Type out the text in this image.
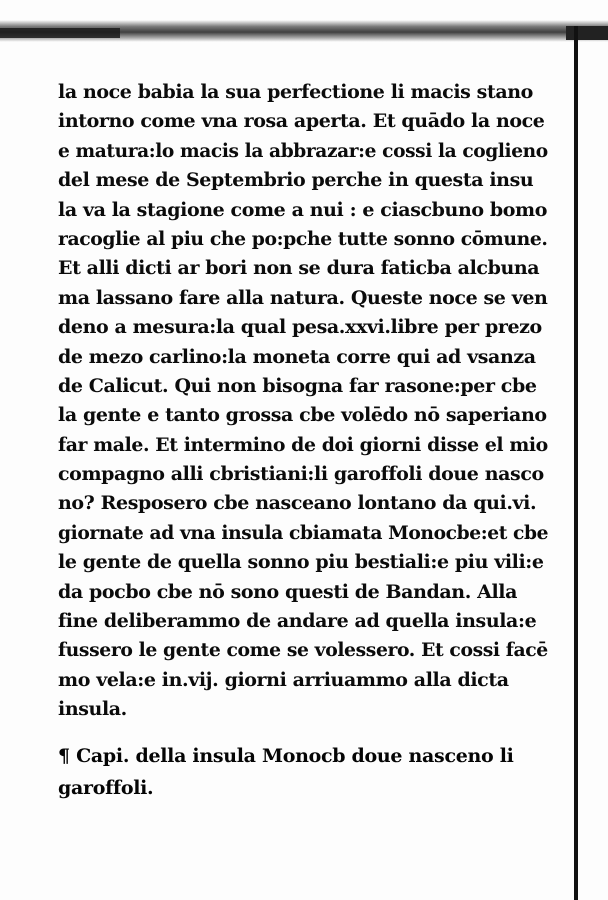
la noce babia la sua perfectione li macis stano
intorno come vna rosa aperta. Et quādo la noce
e matura:lo macis la abbrazar:e cossi la coglieno
del mese de Septembrio perche in questa insu
la va la stagione come a nui : e ciascbuno bomo
racoglie al piu che po:pche tutte sonno cōmune.
Et alli dicti ar bori non se dura faticba alcbuna
ma lassano fare alla natura. Queste noce se ven
deno a mesura:la qual pesa.xxvi.libre per prezo
de mezo carlino:la moneta corre qui ad vsanza
de Calicut. Qui non bisogna far rasone:per cbe
la gente e tanto grossa cbe volēdo nō saperiano
far male. Et intermino de doi giorni disse el mio
compagno alli cbristiani:li garoffoli doue nasco
no? Resposero cbe nasceano lontano da qui.vi.
giornate ad vna insula cbiamata Monocbe:et cbe
le gente de quella sonno piu bestiali:e piu vili:e
da pocbo cbe nō sono questi de Bandan. Alla
fine deliberammo de andare ad quella insula:e
fussero le gente come se volessero. Et cossi facē
mo vela:e in.vij. giorni arriuammo alla dicta
insula.
¶ Capi. della insula Monocb doue nasceno li
garoffoli.
